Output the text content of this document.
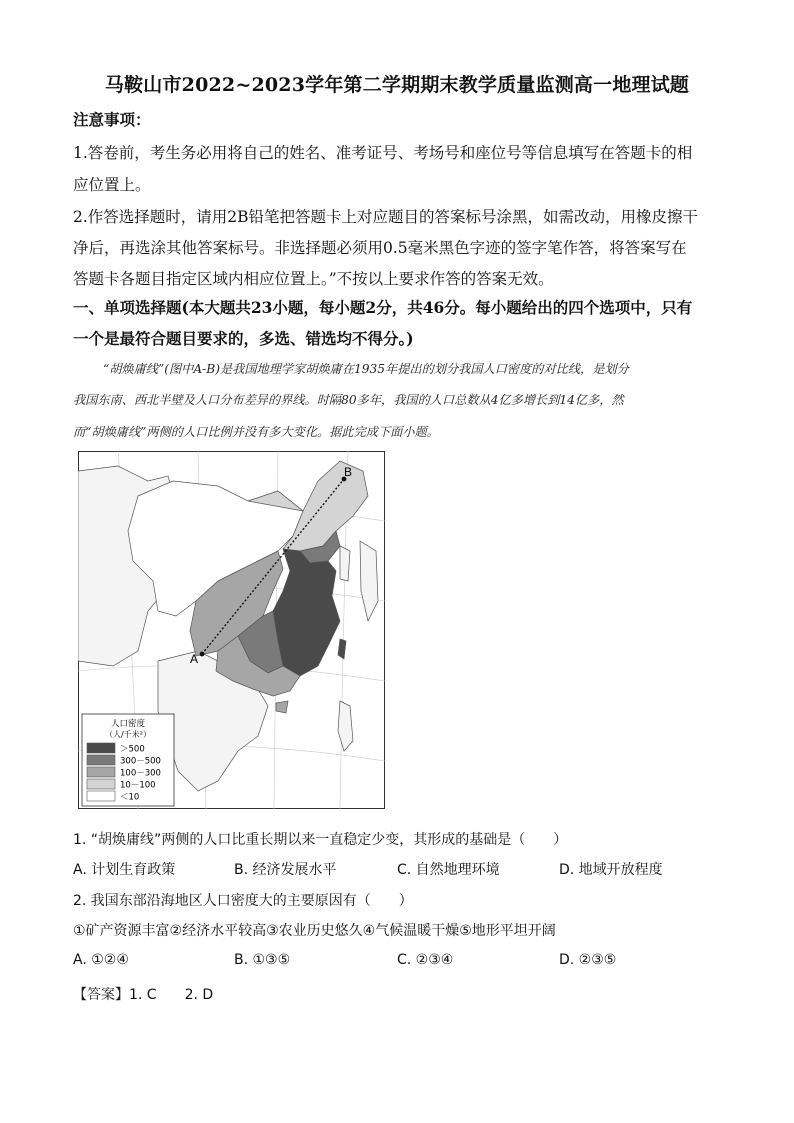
马鞍山市2022~2023学年第二学期期末教学质量监测高一地理试题
注意事项：
1.答卷前，考生务必用将自己的姓名、准考证号、考场号和座位号等信息填写在答题卡的相
应位置上。
2.作答选择题时，请用2B铅笔把答题卡上对应题目的答案标号涂黑，如需改动，用橡皮擦干
净后，再选涂其他答案标号。非选择题必须用0.5毫米黑色字迹的签字笔作答，将答案写在
答题卡各题目指定区域内相应位置上。”不按以上要求作答的答案无效。
一、单项选择题(本大题共23小题，每小题2分，共46分。每小题给出的四个选项中，只有
一个是最符合题目要求的，多选、错选均不得分。)
“胡焕庸线”(图中A-B)是我国地理学家胡焕庸在1935年提出的划分我国人口密度的对比线，是划分
我国东南、西北半壁及人口分布差异的界线。时隔80多年，我国的人口总数从4亿多增长到14亿多，然
而“胡焕庸线”两侧的人口比例并没有多大变化。据此完成下面小题。
A
B
人口密度
（人/千米²）
＞500
300－500
100－300
10－100
＜10
1. “胡焕庸线”两侧的人口比重长期以来一直稳定少变，其形成的基础是（　　）
A. 计划生育政策	B. 经济发展水平	C. 自然地理环境	D. 地域开放程度
2. 我国东部沿海地区人口密度大的主要原因有（　　）
①矿产资源丰富②经济水平较高③农业历史悠久④气候温暖干燥⑤地形平坦开阔
A. ①②④	B. ①③⑤	C. ②③④	D. ②③⑤
【答案】1. C　　2. D
